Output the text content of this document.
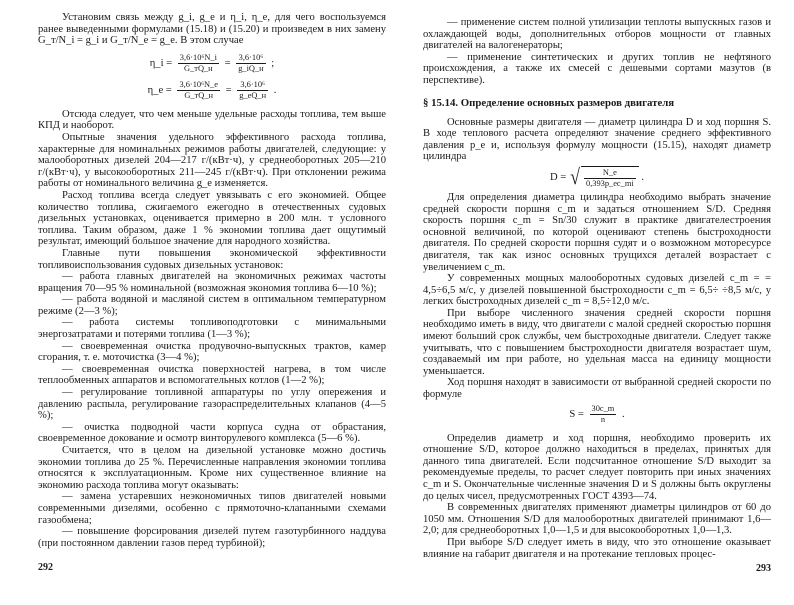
Установим связь между g_i, g_e и η_i, η_e, для чего воспользуемся ранее выведенными формулами (15.18) и (15.20) и произведем в них замену G_т/N_i = g_i и G_т/N_e = g_e. В этом случае

η_i = $\frac{\text{3,6·10⁶N\_i}}{G\_тQ\_н} = \frac{\text{3,6·10⁶}}{g\_iQ\_н}$ ;

η_e = $\frac{\text{3,6·10⁶N\_e}}{G\_тQ\_н} = \frac{\text{3,6·10⁶}}{g\_eQ\_н}$ .

Отсюда следует, что чем меньше удельные расходы топлива, тем выше КПД и наоборот.

Опытные значения удельного эффективного расхода топлива, характерные для номинальных режимов работы двигателей, следующие: у малооборотных дизелей 204—217 г/(кВт·ч), у среднеоборотных 205—210 г/(кВт·ч), у высокооборотных 211—245 г/(кВт·ч). При отклонении режима работы от номинального величина g_e изменяется.

Расход топлива всегда следует увязывать с его экономией. Общее количество топлива, сжигаемого ежегодно в отечественных судовых дизельных установках, оценивается примерно в 200 млн. т условного топлива. Таким образом, даже 1 % экономии топлива дает ощутимый результат, имеющий большое значение для народного хозяйства.

Главные пути повышения экономической эффективности топливоиспользования судовых дизельных установок:

— работа главных двигателей на экономичных режимах частоты вращения 70—95 % номинальной (возможная экономия топлива 6—10 %);

— работа водяной и масляной систем в оптимальном температурном режиме (2—3 %);

— работа системы топливоподготовки с минимальными энергозатратами и потерями топлива (1—3 %);

— своевременная очистка продувочно-выпускных трактов, камер сгорания, т. е. моточистка (3—4 %);

— своевременная очистка поверхностей нагрева, в том числе теплообменных аппаратов и вспомогательных котлов (1—2 %);

— регулирование топливной аппаратуры по углу опережения и давлению распыла, регулирование газораспределительных клапанов (4—5 %);

— очистка подводной части корпуса судна от обрастания, своевременное докование и осмотр винторулевого комплекса (5—6 %).

Считается, что в целом на дизельной установке можно достичь экономии топлива до 25 %. Перечисленные направления экономии топлива относятся к эксплуатационным. Кроме них существенное влияние на экономию расхода топлива могут оказывать:

— замена устаревших неэкономичных типов двигателей новыми современными дизелями, особенно с прямоточно-клапанными схемами газообмена;

— повышение форсирования дизелей путем газотурбинного наддува (при постоянном давлении газов перед турбиной);

292

— применение систем полной утилизации теплоты выпускных газов и охлаждающей воды, дополнительных отборов мощности от главных двигателей на валогенераторы;

— применение синтетических и других топлив не нефтяного происхождения, а также их смесей с дешевыми сортами мазутов (в перспективе).

§ 15.14. Определение основных размеров двигателя

Основные размеры двигателя — диаметр цилиндра D и ход поршня S. В ходе теплового расчета определяют значение среднего эффективного давления p_e и, используя формулу мощности (15.15), находят диаметр цилиндра

D = √ $\frac{N\_e}{0,393p\_ec\_mi}$ .

Для определения диаметра цилиндра необходимо выбрать значение средней скорости поршня c_m и задаться отношением S/D. Средняя скорость поршня c_m = Sn/30 служит в практике двигателестроения основной величиной, по которой оценивают степень быстроходности двигателя. По средней скорости поршня судят и о возможном моторесурсе двигателя, так как износ основных трущихся деталей возрастает с увеличением c_m.

У современных мощных малооборотных судовых дизелей c_m = = 4,5÷6,5 м/с, у дизелей повышенной быстроходности c_m = 6,5÷ ÷8,5 м/с, у легких быстроходных дизелей c_m = 8,5÷12,0 м/с.

При выборе численного значения средней скорости поршня необходимо иметь в виду, что двигатели с малой средней скоростью поршня имеют больший срок службы, чем быстроходные двигатели. Следует также учитывать, что с повышением быстроходности двигателя возрастает шум, создаваемый им при работе, но удельная масса на единицу мощности уменьшается.

Ход поршня находят в зависимости от выбранной средней скорости по формуле

$S = \frac{30c\_m}{n}$ .

Определив диаметр и ход поршня, необходимо проверить их отношение S/D, которое должно находиться в пределах, принятых для данного типа двигателей. Если подсчитанное отношение S/D выходит за рекомендуемые пределы, то расчет следует повторить при иных значениях c_m и S. Окончательные численные значения D и S должны быть округлены до целых чисел, предусмотренных ГОСТ 4393—74.

В современных двигателях применяют диаметры цилиндров от 60 до 1050 мм. Отношения S/D для малооборотных двигателей принимают 1,6—2,0; для среднеоборотных 1,0—1,5 и для высокооборотных 1,0—1,3.

При выборе S/D следует иметь в виду, что это отношение оказывает влияние на габарит двигателя и на протекание тепловых процес-

293
